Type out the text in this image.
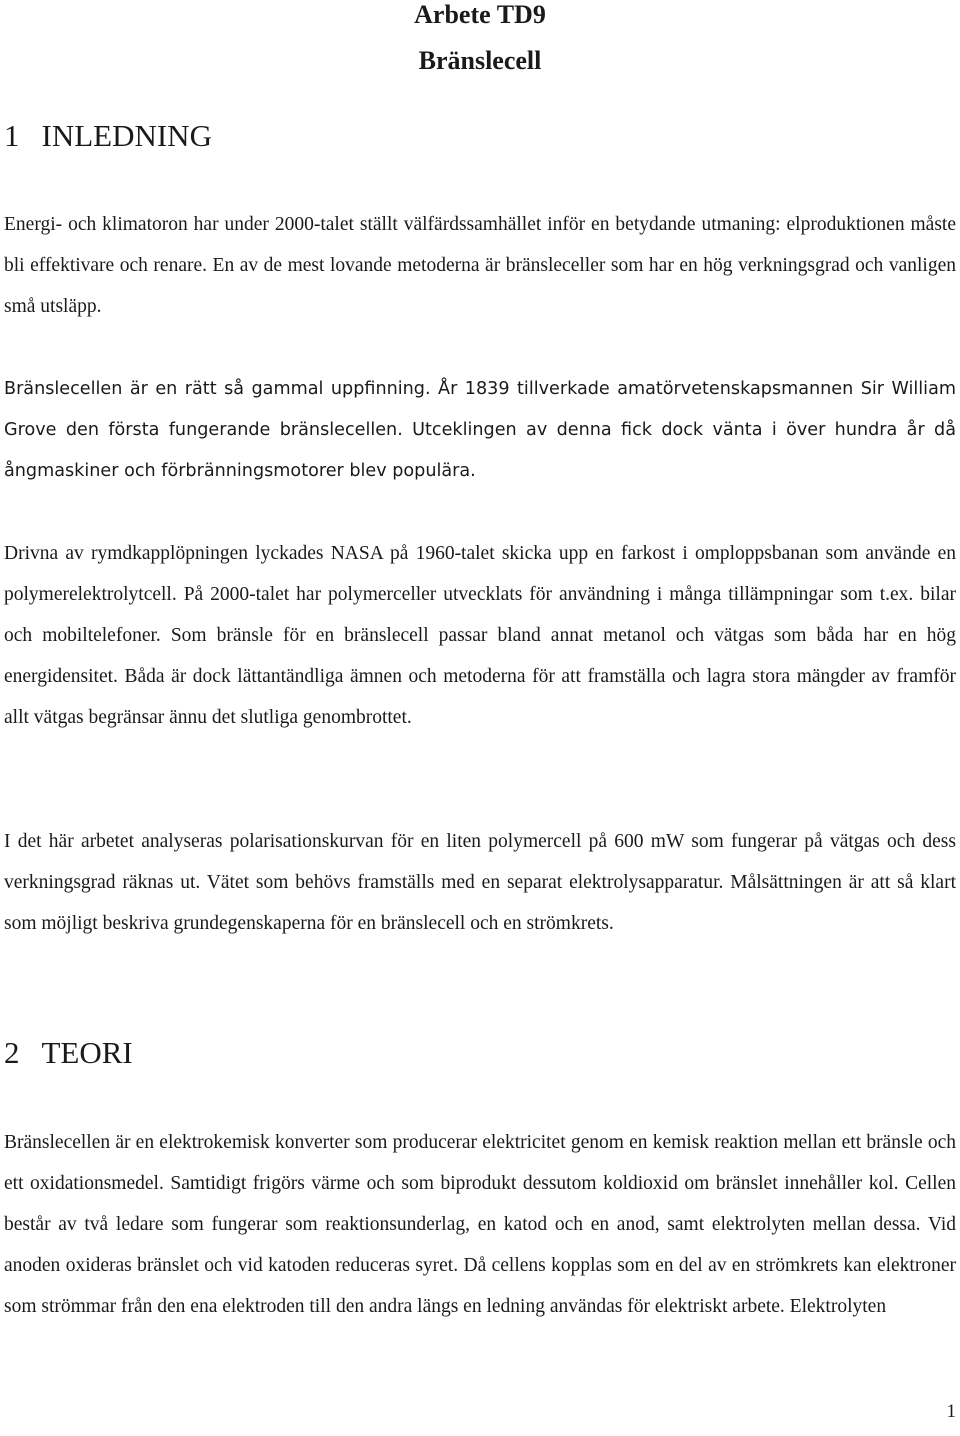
Arbete TD9
Bränslecell
1 INLEDNING

Energi- och klimatoron har under 2000-talet ställt välfärdssamhället inför en betydande utmaning: elproduktionen måste bli effektivare och renare. En av de mest lovande metoderna är bränsleceller som har en hög verkningsgrad och vanligen små utsläpp.

Bränslecellen är en rätt så gammal uppfinning. År 1839 tillverkade amatörvetenskapsmannen Sir William Grove den första fungerande bränslecellen. Utceklingen av denna fick dock vänta i över hundra år då ångmaskiner och förbränningsmotorer blev populära.

Drivna av rymdkapplöpningen lyckades NASA på 1960-talet skicka upp en farkost i omploppsbanan som använde en polymerelektrolytcell. På 2000-talet har polymerceller utvecklats för användning i många tillämpningar som t.ex. bilar och mobiltelefoner. Som bränsle för en bränslecell passar bland annat metanol och vätgas som båda har en hög energidensitet. Båda är dock lättantändliga ämnen och metoderna för att framställa och lagra stora mängder av framför allt vätgas begränsar ännu det slutliga genombrottet.

I det här arbetet analyseras polarisationskurvan för en liten polymercell på 600 mW som fungerar på vätgas och dess verkningsgrad räknas ut. Vätet som behövs framställs med en separat elektrolysapparatur. Målsättningen är att så klart som möjligt beskriva grundegenskaperna för en bränslecell och en strömkrets.

2 TEORI

Bränslecellen är en elektrokemisk konverter som producerar elektricitet genom en kemisk reaktion mellan ett bränsle och ett oxidationsmedel. Samtidigt frigörs värme och som biprodukt dessutom koldioxid om bränslet innehåller kol. Cellen består av två ledare som fungerar som reaktionsunderlag, en katod och en anod, samt elektrolyten mellan dessa. Vid anoden oxideras bränslet och vid katoden reduceras syret. Då cellens kopplas som en del av en strömkrets kan elektroner som strömmar från den ena elektroden till den andra längs en ledning användas för elektriskt arbete. Elektrolyten

1
